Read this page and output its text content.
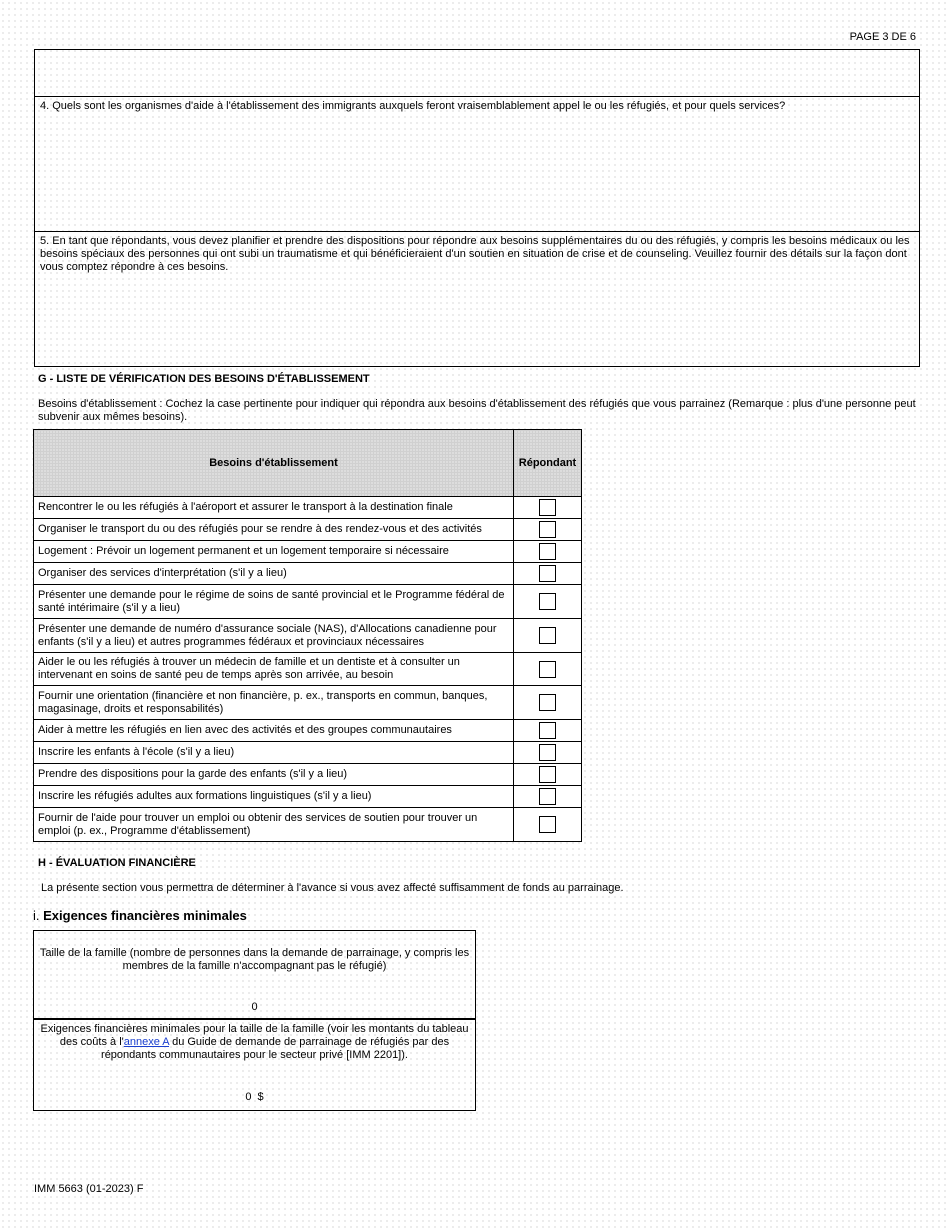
PAGE 3 DE 6
4. Quels sont les organismes d'aide à l'établissement des immigrants auxquels feront vraisemblablement appel le ou les réfugiés, et pour quels services?
5. En tant que répondants, vous devez planifier et prendre des dispositions pour répondre aux besoins supplémentaires du ou des réfugiés, y compris les besoins médicaux ou les besoins spéciaux des personnes qui ont subi un traumatisme et qui bénéficieraient d'un soutien en situation de crise et de counseling. Veuillez fournir des détails sur la façon dont vous comptez répondre à ces besoins.
G - LISTE DE VÉRIFICATION DES BESOINS D'ÉTABLISSEMENT
Besoins d'établissement : Cochez la case pertinente pour indiquer qui répondra aux besoins d'établissement des réfugiés que vous parrainez (Remarque : plus d'une personne peut subvenir aux mêmes besoins).
Besoins d'établissement	Répondant
Rencontrer le ou les réfugiés à l'aéroport et assurer le transport à la destination finale	
Organiser le transport du ou des réfugiés pour se rendre à des rendez-vous et des activités	
Logement : Prévoir un logement permanent et un logement temporaire si nécessaire	
Organiser des services d'interprétation (s'il y a lieu)	
Présenter une demande pour le régime de soins de santé provincial et le Programme fédéral de santé intérimaire (s'il y a lieu)	
Présenter une demande de numéro d'assurance sociale (NAS), d'Allocations canadienne pour enfants (s'il y a lieu) et autres programmes fédéraux et provinciaux nécessaires	
Aider le ou les réfugiés à trouver un médecin de famille et un dentiste et à consulter un intervenant en soins de santé peu de temps après son arrivée, au besoin	
Fournir une orientation (financière et non financière, p. ex., transports en commun, banques, magasinage, droits et responsabilités)	
Aider à mettre les réfugiés en lien avec des activités et des groupes communautaires	
Inscrire les enfants à l'école (s'il y a lieu)	
Prendre des dispositions pour la garde des enfants (s'il y a lieu)	
Inscrire les réfugiés adultes aux formations linguistiques (s'il y a lieu)	
Fournir de l'aide pour trouver un emploi ou obtenir des services de soutien pour trouver un emploi (p. ex., Programme d'établissement)	
H - ÉVALUATION FINANCIÈRE
La présente section vous permettra de déterminer à l'avance si vous avez affecté suffisamment de fonds au parrainage.
i. Exigences financières minimales
Taille de la famille (nombre de personnes dans la demande de parrainage, y compris les membres de la famille n'accompagnant pas le réfugié)
0
Exigences financières minimales pour la taille de la famille (voir les montants du tableau des coûts à l'annexe A du Guide de demande de parrainage de réfugiés par des répondants communautaires pour le secteur privé [IMM 2201]).
0  $
IMM 5663 (01-2023) F
